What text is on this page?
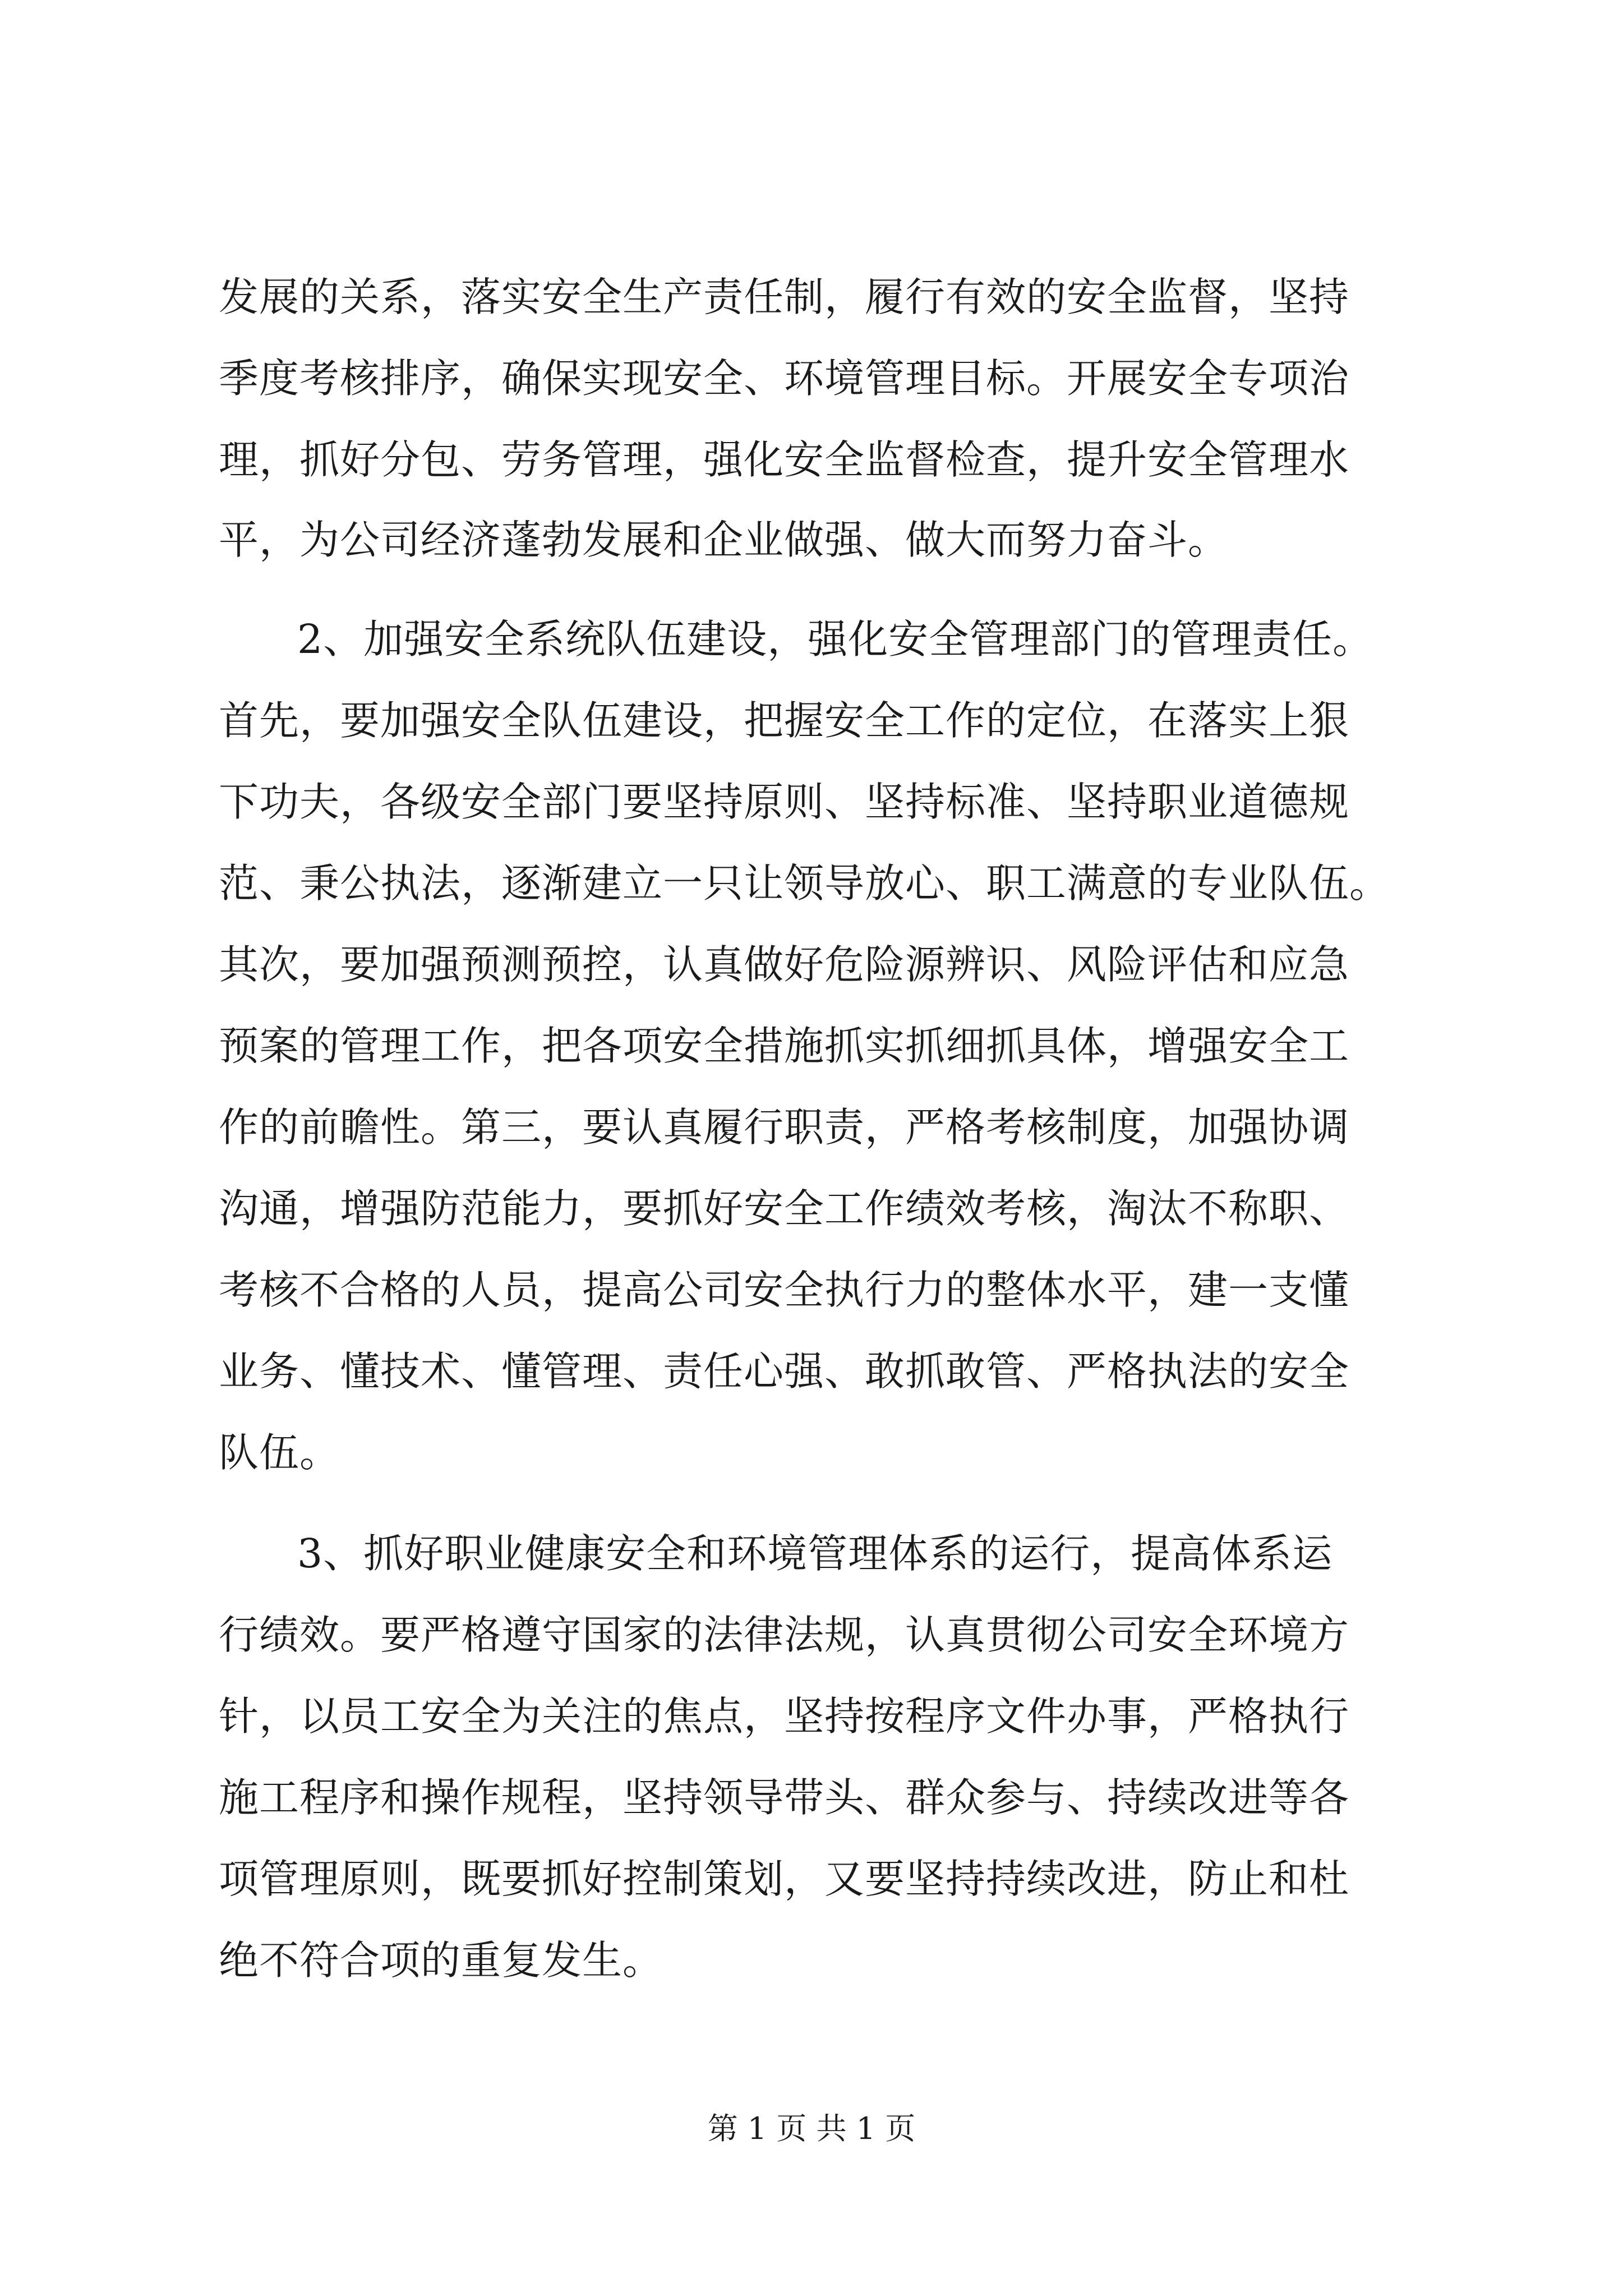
发展的关系，落实安全生产责任制，履行有效的安全监督，坚持
季度考核排序，确保实现安全、环境管理目标。开展安全专项治
理，抓好分包、劳务管理，强化安全监督检查，提升安全管理水
平，为公司经济蓬勃发展和企业做强、做大而努力奋斗。
2、加强安全系统队伍建设，强化安全管理部门的管理责任。
首先，要加强安全队伍建设，把握安全工作的定位，在落实上狠
下功夫，各级安全部门要坚持原则、坚持标准、坚持职业道德规
范、秉公执法，逐渐建立一只让领导放心、职工满意的专业队伍。
其次，要加强预测预控，认真做好危险源辨识、风险评估和应急
预案的管理工作，把各项安全措施抓实抓细抓具体，增强安全工
作的前瞻性。第三，要认真履行职责，严格考核制度，加强协调
沟通，增强防范能力，要抓好安全工作绩效考核，淘汰不称职、
考核不合格的人员，提高公司安全执行力的整体水平，建一支懂
业务、懂技术、懂管理、责任心强、敢抓敢管、严格执法的安全
队伍。
3、抓好职业健康安全和环境管理体系的运行，提高体系运
行绩效。要严格遵守国家的法律法规，认真贯彻公司安全环境方
针，以员工安全为关注的焦点，坚持按程序文件办事，严格执行
施工程序和操作规程，坚持领导带头、群众参与、持续改进等各
项管理原则，既要抓好控制策划，又要坚持持续改进，防止和杜
绝不符合项的重复发生。
第 1 页 共 1 页
